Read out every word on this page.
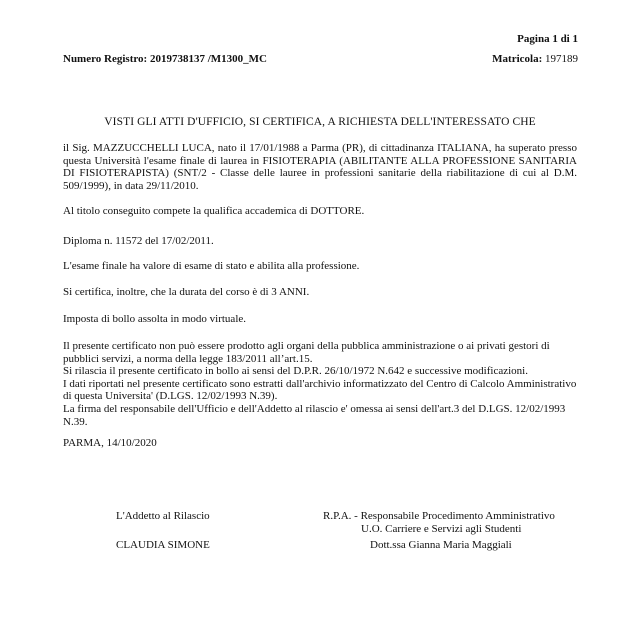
Pagina 1 di 1
Numero Registro: 2019738137 /M1300_MC	Matricola: 197189
VISTI GLI ATTI D'UFFICIO, SI CERTIFICA, A RICHIESTA DELL'INTERESSATO CHE
il Sig. MAZZUCCHELLI LUCA, nato il 17/01/1988 a Parma (PR), di cittadinanza ITALIANA, ha superato presso questa Università l'esame finale di laurea in FISIOTERAPIA (ABILITANTE ALLA PROFESSIONE SANITARIA DI FISIOTERAPISTA) (SNT/2 - Classe delle lauree in professioni sanitarie della riabilitazione di cui al D.M. 509/1999), in data 29/11/2010.
Al titolo conseguito compete la qualifica accademica di DOTTORE.
Diploma n. 11572 del 17/02/2011.
L'esame finale ha valore di esame di stato e abilita alla professione.
Si certifica, inoltre, che la durata del corso è di 3 ANNI.
Imposta di bollo assolta in modo virtuale.
Il presente certificato non può essere prodotto agli organi della pubblica amministrazione o ai privati gestori di pubblici servizi, a norma della legge 183/2011 all’art.15.
Si rilascia il presente certificato in bollo ai sensi del D.P.R. 26/10/1972 N.642 e successive modificazioni.
I dati riportati nel presente certificato sono estratti dall'archivio informatizzato del Centro di Calcolo Amministrativo di questa Universita' (D.LGS. 12/02/1993 N.39).
La firma del responsabile dell'Ufficio e dell'Addetto al rilascio e' omessa ai sensi dell'art.3 del D.LGS. 12/02/1993 N.39.
PARMA, 14/10/2020
L'Addetto al Rilascio
CLAUDIA SIMONE
R.P.A. - Responsabile Procedimento Amministrativo
U.O. Carriere e Servizi agli Studenti
Dott.ssa Gianna Maria Maggiali
